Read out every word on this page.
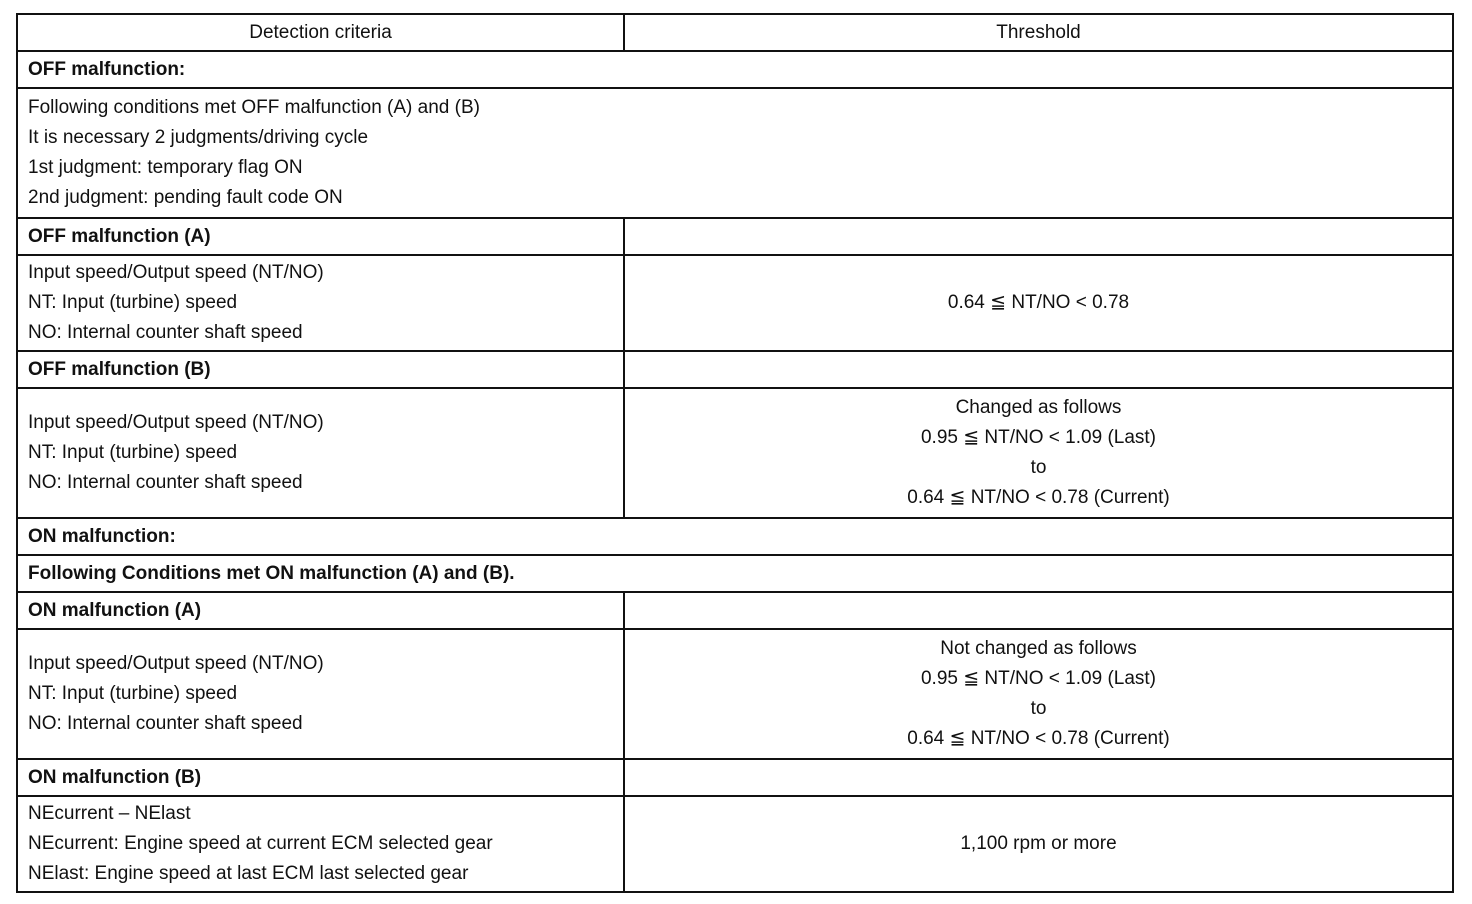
Detection criteria	Threshold
OFF malfunction:	

Following conditions met OFF malfunction (A) and (B)
It is necessary 2 judgments/driving cycle
1st judgment: temporary flag ON
2nd judgment: pending fault code ON	

OFF malfunction (A)	

Input speed/Output speed (NT/NO)
NT: Input (turbine) speed
NO: Internal counter shaft speed	0.64 ≦ NT/NO < 0.78
OFF malfunction (B)	

Input speed/Output speed (NT/NO)
NT: Input (turbine) speed
NO: Internal counter shaft speed	Changed as follows
0.95 ≦ NT/NO < 1.09 (Last)
to
0.64 ≦ NT/NO < 0.78 (Current)

ON malfunction:	
Following Conditions met ON malfunction (A) and (B).	
ON malfunction (A)	

Input speed/Output speed (NT/NO)
NT: Input (turbine) speed
NO: Internal counter shaft speed	Not changed as follows
0.95 ≦ NT/NO < 1.09 (Last)
to
0.64 ≦ NT/NO < 0.78 (Current)

ON malfunction (B)	

NEcurrent – NElast
NEcurrent: Engine speed at current ECM selected gear
NElast: Engine speed at last ECM last selected gear	1,100 rpm or more
